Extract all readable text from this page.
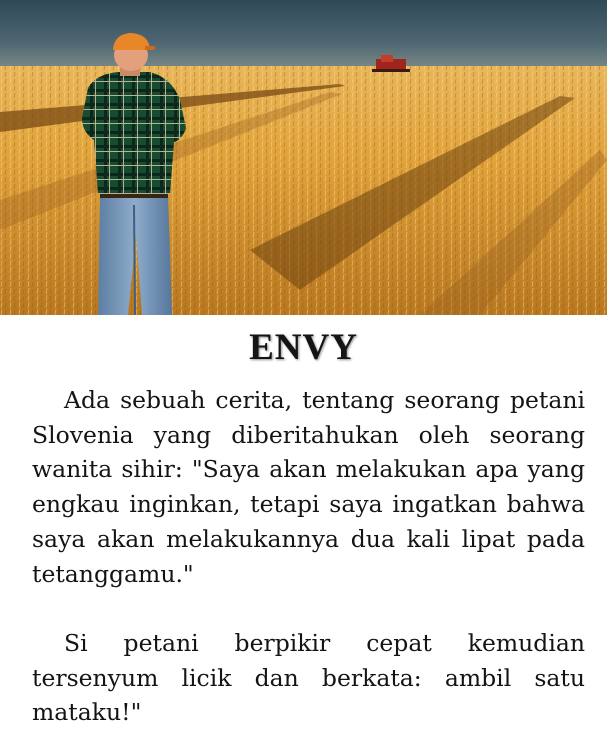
ENVY

Ada sebuah cerita, tentang seorang petani Slovenia yang diberitahukan oleh seorang wanita sihir: "Saya akan melakukan apa yang engkau inginkan, tetapi saya ingatkan bahwa saya akan melakukannya dua kali lipat pada tetanggamu."

Si petani berpikir cepat kemudian tersenyum licik dan berkata: ambil satu mataku!"
